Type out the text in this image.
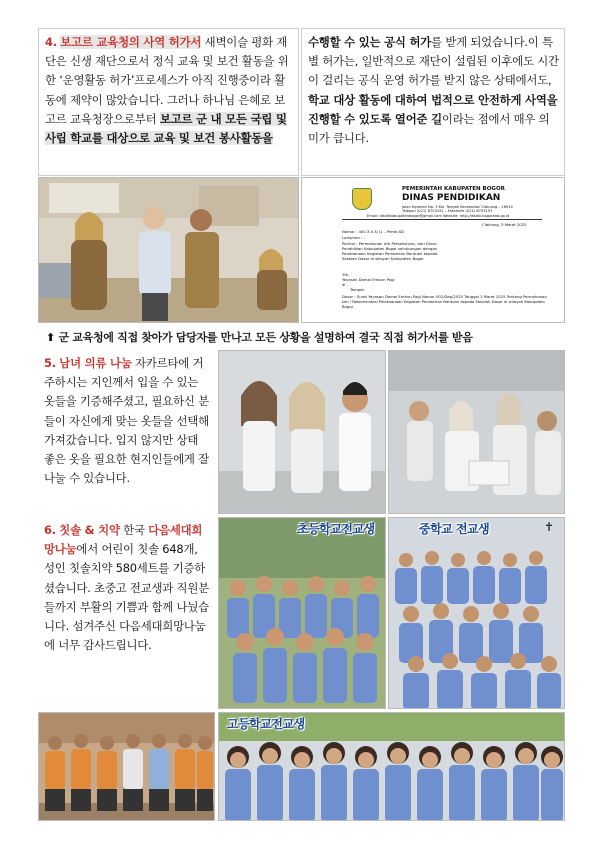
4. 보고르 교육청의 사역 허가서 새벽이슬 평화 재단은 신생 재단으로서 정식 교육 및 보건 활동을 위한 ‘운영활동 허가’프로세스가 아직 진행중이라 활동에 제약이 많았습니다. 그러나 하나님 은혜로 보고르 교육청장으로부터 보고르 군 내 모든 국립 및 사립 학교를 대상으로 교육 및 보건 봉사활동을
수행할 수 있는 공식 허가를 받게 되었습니다.이 특별 허가는, 일반적으로 재단이 설립된 이후에도 시간이 걸리는 공식 운영 허가를 받지 않은 상태에서도, 학교 대상 활동에 대하여 법적으로 안전하게 사역을 진행할 수 있도록 열어준 길이라는 점에서 매우 의미가 큽니다.
PEMERINTAH KABUPATEN BOGOR
DINAS PENDIDIKAN
Jalan Nyoman No. 1 Kel. Tengah Kecamatan Cibinong – 16914
Telepon (021) 8753191 – Faksimile (021) 8753191
Email: disdikkabupatenbogor@gmail.com Website: http://disdik.bogorkab.go.id
Cibinong, 5 Maret 2025
Nomor : 400.3.5.3/ J1 – Pemb.SD
Lampiran : -
Perihal : Permohonan Izin Persekutuan, dari Dinas Pendidikan Kabupaten Bogor sehubungan dengan Pelaksanaan Kegiatan Pemberian Bantuan kepada Sekolah Dasar di wilayah Kabupaten Bogor
Yth.
Yayasan Damai Embun Pagi
di -
Tempat
Dasar : Surat Yayasan Damai Embun Pagi Nomor 002/Dep/2025 Tanggal 3 Maret 2025 Tentang Permohonan Izin / Rekomendasi Pelaksanaan Kegiatan Pemberian Bantuan kepada Sekolah Dasar di wilayah Kabupaten Bogor
⬆ 군 교육청에 직접 찾아가 담당자를 만나고 모든 상황을 설명하여 결국 직접 허가서를 받음
5. 남녀 의류 나눔 자카르타에 거주하시는 지인께서 입을 수 있는 옷들을 기증해주셨고, 필요하신 분들이 자신에게 맞는 옷들을 선택해 가져갔습니다. 입지 않지만 상태 좋은 옷을 필요한 현지인들에게 잘 나눌 수 있습니다.
6. 칫솔 & 치약 한국 다음세대희망나눔에서 어린이 칫솔 648개, 성인 칫솔치약 580세트를 기증하셨습니다. 초중고 전교생과 직원분들까지 부활의 기쁨과 함께 나눴습니다. 섬겨주신 다음세대희망나눔에 너무 감사드립니다.
초등학교전교생	중학교 전교생	✝
고등학교전교생
